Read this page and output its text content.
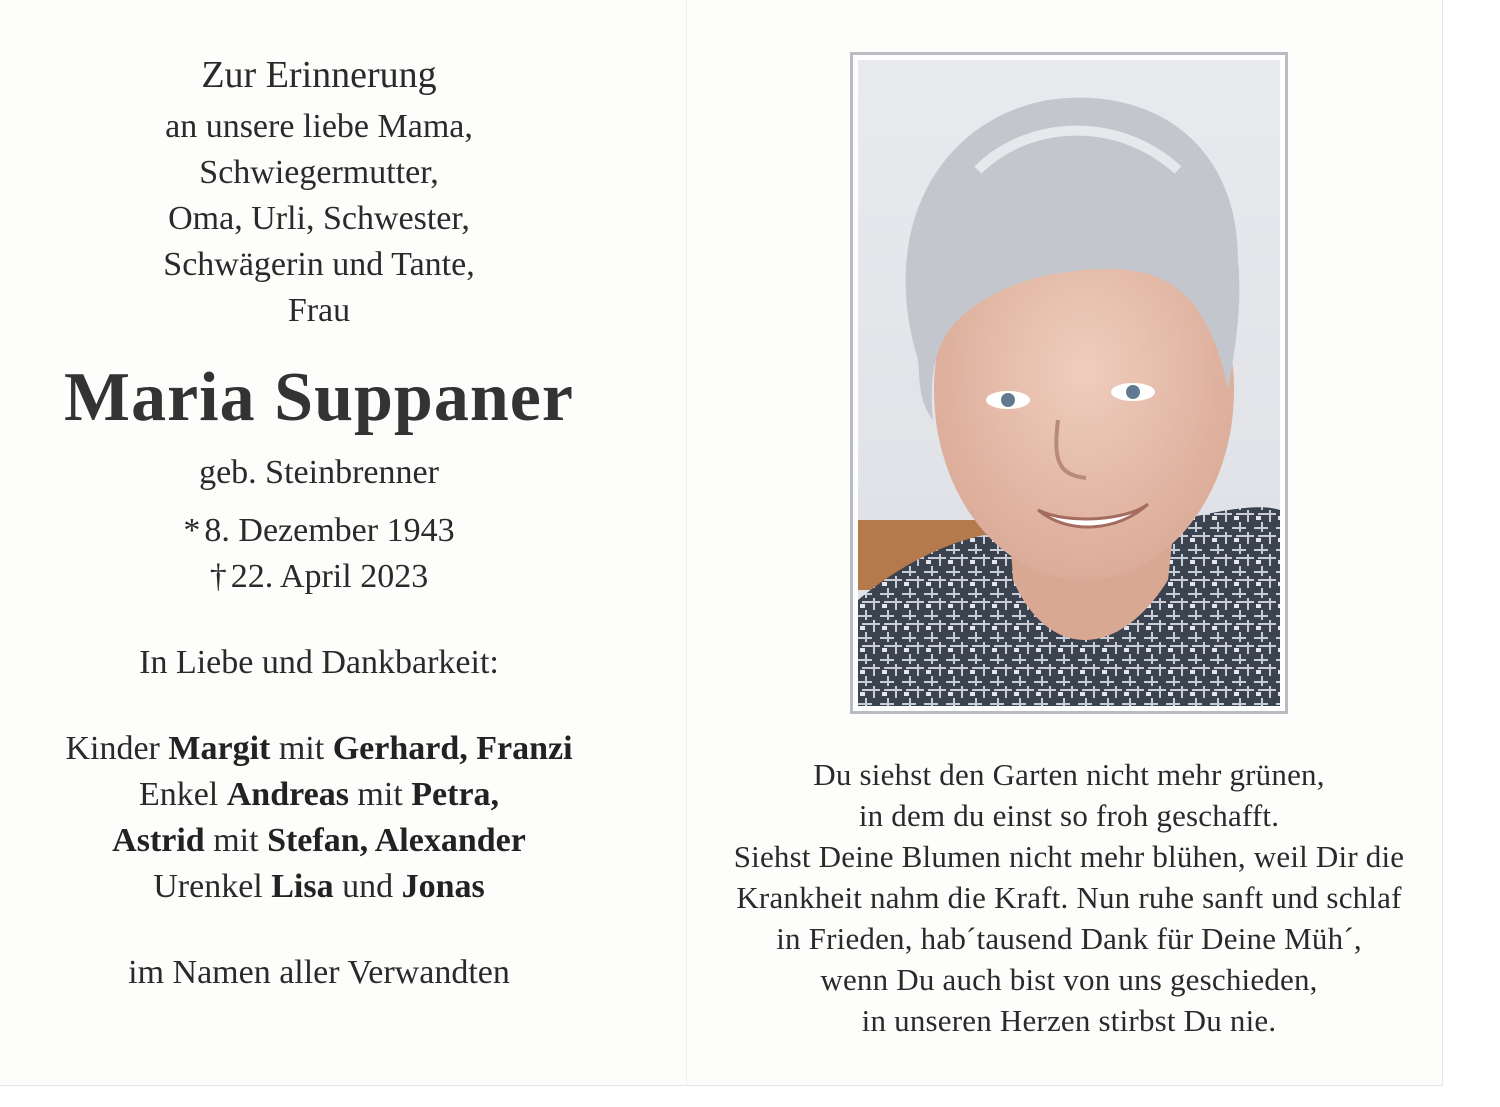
Zur Erinnerung
an unsere liebe Mama,
Schwiegermutter,
Oma, Urli, Schwester,
Schwägerin und Tante,
Frau
Maria Suppaner
geb. Steinbrenner
* 8. Dezember 1943
† 22. April 2023
In Liebe und Dankbarkeit:
Kinder Margit mit Gerhard, Franzi
Enkel Andreas mit Petra,
Astrid mit Stefan, Alexander
Urenkel Lisa und Jonas
im Namen aller Verwandten
Du siehst den Garten nicht mehr grünen,
in dem du einst so froh geschafft.
Siehst Deine Blumen nicht mehr blühen, weil Dir die
Krankheit nahm die Kraft. Nun ruhe sanft und schlaf
in Frieden, hab´tausend Dank für Deine Müh´,
wenn Du auch bist von uns geschieden,
in unseren Herzen stirbst Du nie.
